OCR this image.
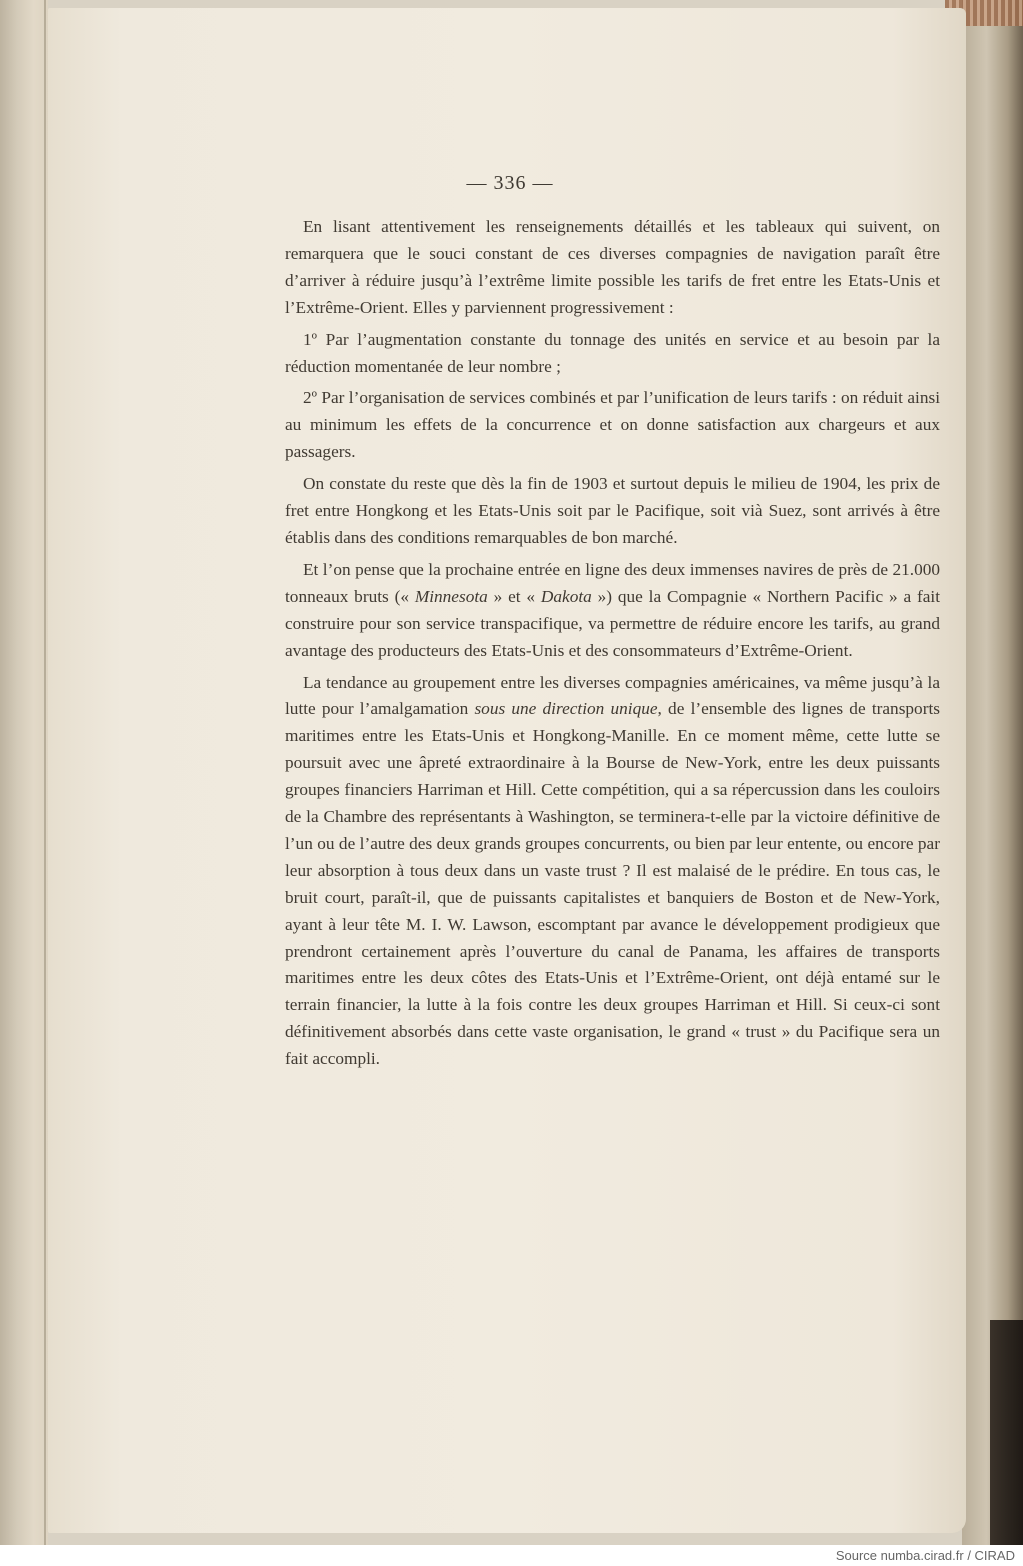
— 336 —

En lisant attentivement les renseignements détaillés et les tableaux qui suivent, on remarquera que le souci constant de ces diverses compagnies de navigation paraît être d’arriver à réduire jusqu’à l’extrême limite possible les tarifs de fret entre les Etats-Unis et l’Extrême-Orient. Elles y parviennent progressivement :

1º Par l’augmentation constante du tonnage des unités en service et au besoin par la réduction momentanée de leur nombre ;

2º Par l’organisation de services combinés et par l’unification de leurs tarifs : on réduit ainsi au minimum les effets de la concurrence et on donne satisfaction aux chargeurs et aux passagers.

On constate du reste que dès la fin de 1903 et surtout depuis le milieu de 1904, les prix de fret entre Hongkong et les Etats-Unis soit par le Pacifique, soit vià Suez, sont arrivés à être établis dans des conditions remarquables de bon marché.

Et l’on pense que la prochaine entrée en ligne des deux immenses navires de près de 21.000 tonneaux bruts (« Minnesota » et « Dakota ») que la Compagnie « Northern Pacific » a fait construire pour son service transpacifique, va permettre de réduire encore les tarifs, au grand avantage des producteurs des Etats-Unis et des consommateurs d’Extrême-Orient.

La tendance au groupement entre les diverses compagnies américaines, va même jusqu’à la lutte pour l’amalgamation sous une direction unique, de l’ensemble des lignes de transports maritimes entre les Etats-Unis et Hongkong-Manille. En ce moment même, cette lutte se poursuit avec une âpreté extraordinaire à la Bourse de New-York, entre les deux puissants groupes financiers Harriman et Hill. Cette compétition, qui a sa répercussion dans les couloirs de la Chambre des représentants à Washington, se terminera-t-elle par la victoire définitive de l’un ou de l’autre des deux grands groupes concurrents, ou bien par leur entente, ou encore par leur absorption à tous deux dans un vaste trust ? Il est malaisé de le prédire. En tous cas, le bruit court, paraît-il, que de puissants capitalistes et banquiers de Boston et de New-York, ayant à leur tête M. I. W. Lawson, escomptant par avance le développement prodigieux que prendront certainement après l’ouverture du canal de Panama, les affaires de transports maritimes entre les deux côtes des Etats-Unis et l’Extrême-Orient, ont déjà entamé sur le terrain financier, la lutte à la fois contre les deux groupes Harriman et Hill. Si ceux-ci sont définitivement absorbés dans cette vaste organisation, le grand « trust » du Pacifique sera un fait accompli.

Source numba.cirad.fr / CIRAD
